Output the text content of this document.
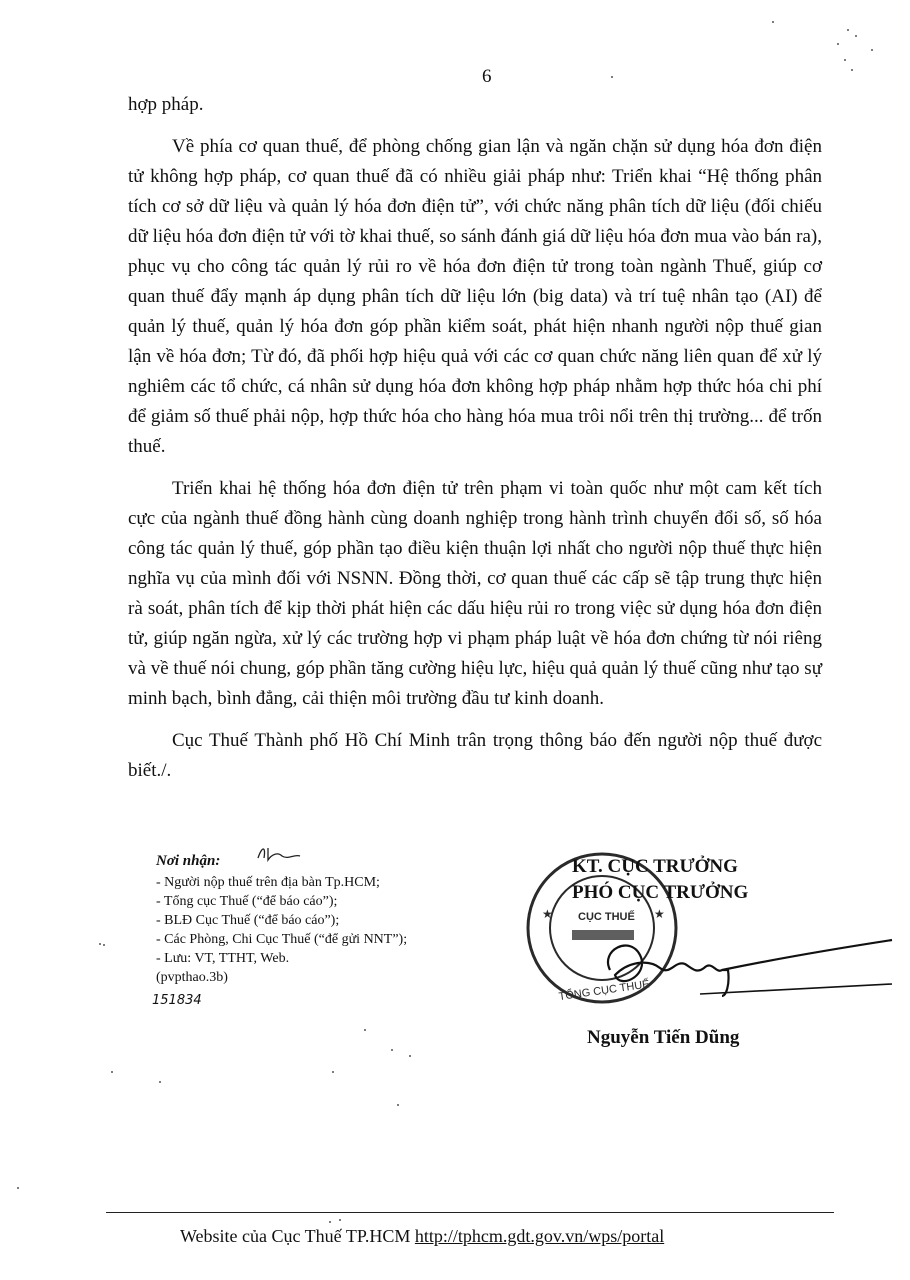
6

hợp pháp.

Về phía cơ quan thuế, để phòng chống gian lận và ngăn chặn sử dụng hóa đơn điện tử không hợp pháp, cơ quan thuế đã có nhiều giải pháp như: Triển khai “Hệ thống phân tích cơ sở dữ liệu và quản lý hóa đơn điện tử”, với chức năng phân tích dữ liệu (đối chiếu dữ liệu hóa đơn điện tử với tờ khai thuế, so sánh đánh giá dữ liệu hóa đơn mua vào bán ra), phục vụ cho công tác quản lý rủi ro về hóa đơn điện tử trong toàn ngành Thuế, giúp cơ quan thuế đẩy mạnh áp dụng phân tích dữ liệu lớn (big data) và trí tuệ nhân tạo (AI) để quản lý thuế, quản lý hóa đơn góp phần kiểm soát, phát hiện nhanh người nộp thuế gian lận về hóa đơn; Từ đó, đã phối hợp hiệu quả với các cơ quan chức năng liên quan để xử lý nghiêm các tổ chức, cá nhân sử dụng hóa đơn không hợp pháp nhằm hợp thức hóa chi phí để giảm số thuế phải nộp, hợp thức hóa cho hàng hóa mua trôi nổi trên thị trường... để trốn thuế.

Triển khai hệ thống hóa đơn điện tử trên phạm vi toàn quốc như một cam kết tích cực của ngành thuế đồng hành cùng doanh nghiệp trong hành trình chuyển đổi số, số hóa công tác quản lý thuế, góp phần tạo điều kiện thuận lợi nhất cho người nộp thuế thực hiện nghĩa vụ của mình đối với NSNN. Đồng thời, cơ quan thuế các cấp sẽ tập trung thực hiện rà soát, phân tích để kịp thời phát hiện các dấu hiệu rủi ro trong việc sử dụng hóa đơn điện tử, giúp ngăn ngừa, xử lý các trường hợp vi phạm pháp luật về hóa đơn chứng từ nói riêng và về thuế nói chung, góp phần tăng cường hiệu lực, hiệu quả quản lý thuế cũng như tạo sự minh bạch, bình đẳng, cải thiện môi trường đầu tư kinh doanh.

Cục Thuế Thành phố Hồ Chí Minh trân trọng thông báo đến người nộp thuế được biết./.

Nơi nhận:
- Người nộp thuế trên địa bàn Tp.HCM;
- Tổng cục Thuế (“để báo cáo”);
- BLĐ Cục Thuế (“để báo cáo”);
- Các Phòng, Chi Cục Thuế (“để gửi NNT”);
- Lưu: VT, TTHT, Web.
(pvpthao.3b)
151834
CỤC THUẾ
TỔNG CỤC THUẾ
★	★
KT. CỤC TRƯỞNG
PHÓ CỤC TRƯỞNG
Nguyễn Tiến Dũng
Website của Cục Thuế TP.HCM http://tphcm.gdt.gov.vn/wps/portal
